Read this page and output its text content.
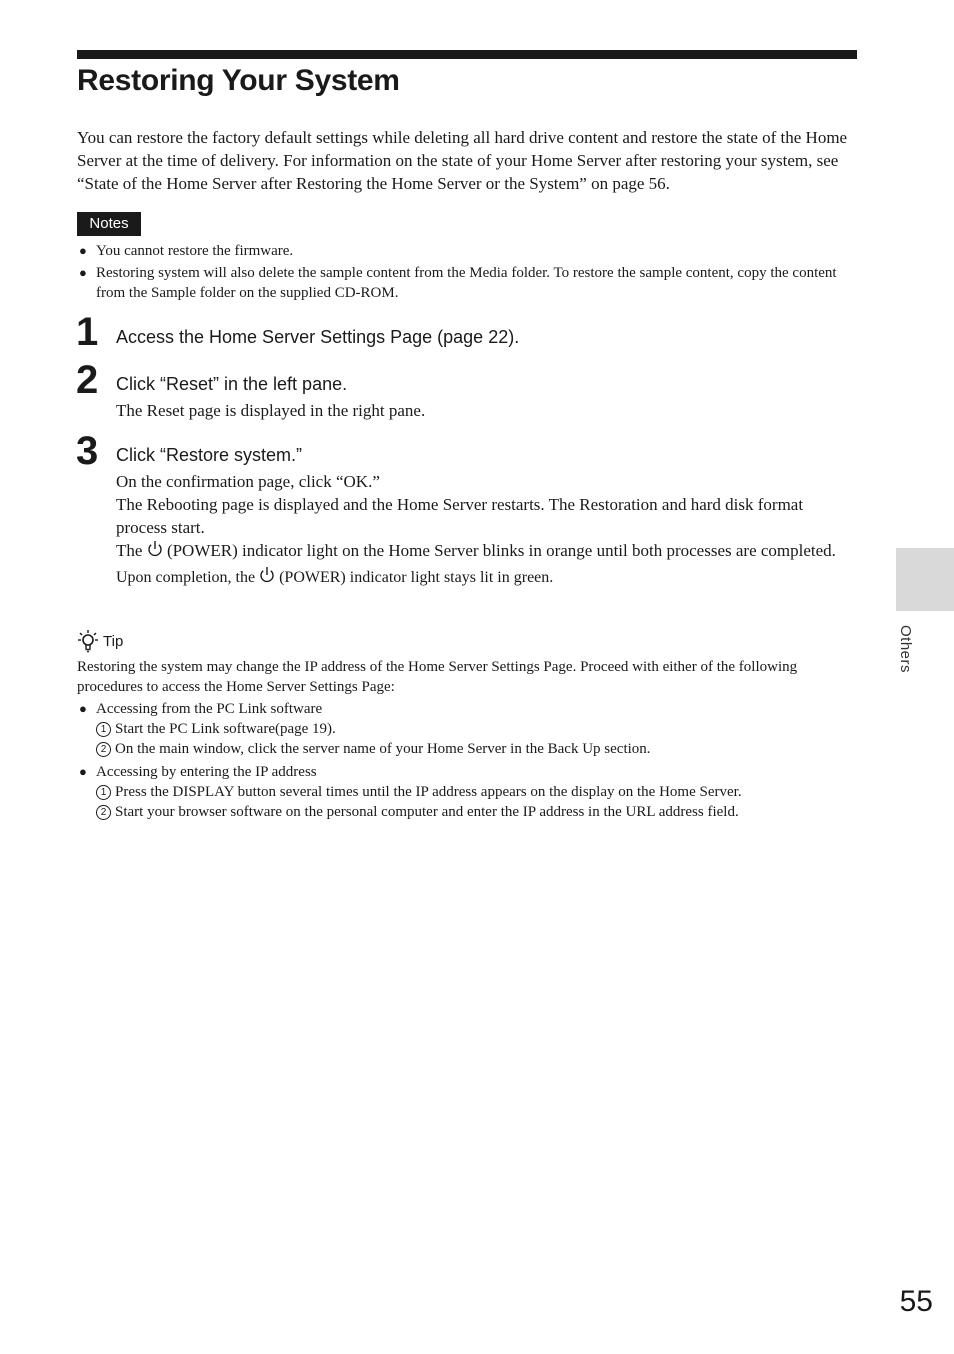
Restoring Your System

You can restore the factory default settings while deleting all hard drive content and restore the state of the Home Server at the time of delivery. For information on the state of your Home Server after restoring your system, see “State of the Home Server after Restoring the Home Server or the System” on page 56.

Notes
● You cannot restore the firmware.
● Restoring system will also delete the sample content from the Media folder. To restore the sample content, copy the content from the Sample folder on the supplied CD-ROM.
1 Access the Home Server Settings Page (page 22).
2 Click “Reset” in the left pane.

The Reset page is displayed in the right pane.

3 Click “Restore system.”

On the confirmation page, click “OK.”

The Rebooting page is displayed and the Home Server restarts. The Restoration and hard disk format process start.

The (POWER) indicator light on the Home Server blinks in orange until both processes are completed.

Upon completion, the (POWER) indicator light stays lit in green.

Tip

Restoring the system may change the IP address of the Home Server Settings Page. Proceed with either of the following procedures to access the Home Server Settings Page:

● Accessing from the PC Link software
1 Start the PC Link software(page 19).
2 On the main window, click the server name of your Home Server in the Back Up section.
● Accessing by entering the IP address
1 Press the DISPLAY button several times until the IP address appears on the display on the Home Server.
2 Start your browser software on the personal computer and enter the IP address in the URL address field.
Others
55
